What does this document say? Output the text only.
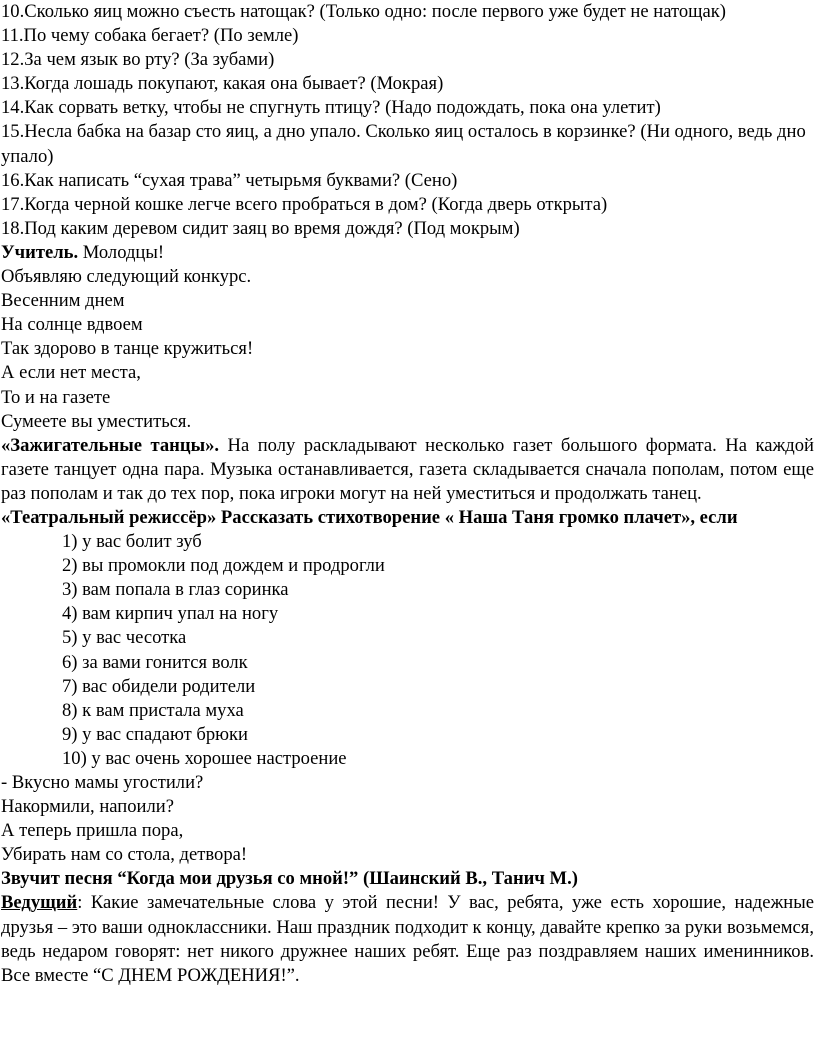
10.Сколько яиц можно съесть натощак? (Только одно: после первого уже будет не натощак)

11.По чему собака бегает? (По земле)

12.За чем язык во рту? (За зубами)

13.Когда лошадь покупают, какая она бывает? (Мокрая)

14.Как сорвать ветку, чтобы не спугнуть птицу? (Надо подождать, пока она улетит)

15.Несла бабка на базар сто яиц, а дно упало. Сколько яиц осталось в корзинке? (Ни одного, ведь дно упало)

16.Как написать “сухая трава” четырьмя буквами? (Сено)

17.Когда черной кошке легче всего пробраться в дом? (Когда дверь открыта)

18.Под каким деревом сидит заяц во время дождя? (Под мокрым)

Учитель. Молодцы!

Объявляю следующий конкурс.

Весенним днем

На солнце вдвоем

Так здорово в танце кружиться!

А если нет места,

То и на газете

Сумеете вы уместиться.

«Зажигательные танцы». На полу раскладывают несколько газет большого формата. На каждой газете танцует одна пара. Музыка останавливается, газета складывается сначала пополам, потом еще раз пополам и так до тех пор, пока игроки могут на ней уместиться и продолжать танец.

«Театральный режиссёр» Рассказать стихотворение « Наша Таня громко плачет», если

1) у вас болит зуб
2) вы промокли под дождем и продрогли
3) вам попала в глаз соринка
4) вам кирпич упал на ногу
5) у вас чесотка
6) за вами гонится волк
7) вас обидели родители
8) к вам пристала муха
9) у вас спадают брюки
10) у вас очень хорошее настроение

- Вкусно мамы угостили?

Накормили, напоили?

А теперь пришла пора,

Убирать нам со стола, детвора!

Звучит песня “Когда мои друзья со мной!” (Шаинский В., Танич М.)

Ведущий: Какие замечательные слова у этой песни! У вас, ребята, уже есть хорошие, надежные друзья – это ваши одноклассники. Наш праздник подходит к концу, давайте крепко за руки возьмемся, ведь недаром говорят: нет никого дружнее наших ребят. Еще раз поздравляем наших именинников. Все вместе “С ДНЕМ РОЖДЕНИЯ!”.
